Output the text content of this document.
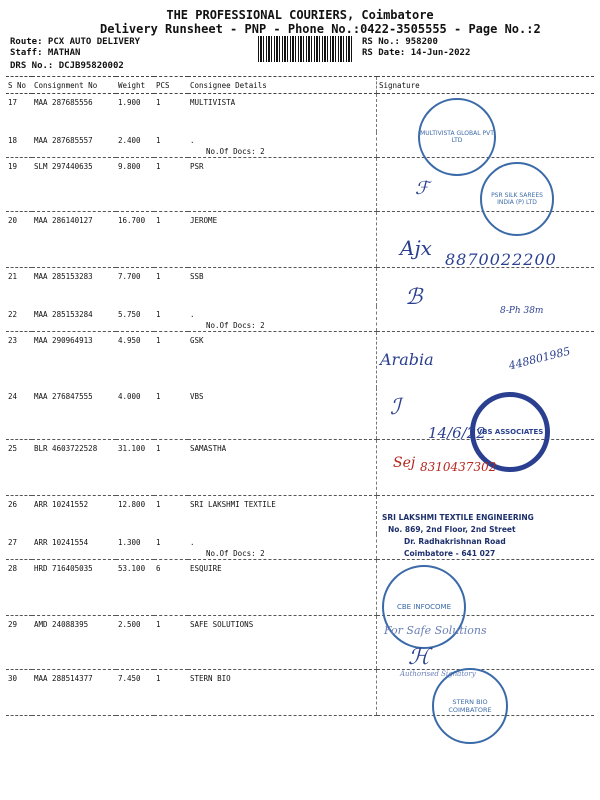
THE PROFESSIONAL COURIERS, Coimbatore
Delivery Runsheet - PNP - Phone No.:0422-3505555 - Page No.:2
Route: PCX AUTO DELIVERY
Staff: MATHAN
DRS No.: DCJB95820002
RS No.: 958200
RS Date: 14-Jun-2022
S No	Consignment No	Weight	PCS	Consignee Details	Signature
17	MAA 287685556	1.900	1	MULTIVISTA	
18	MAA 287685557	2.400	1	.
No.Of Docs: 2	

19	SLM 297440635	9.800	1	PSR	
20	MAA 286140127	16.700	1	JEROME	
21	MAA 285153283	7.700	1	SSB	
22	MAA 285153284	5.750	1	.
No.Of Docs: 2	

23	MAA 290964913	4.950	1	GSK	
24	MAA 276847555	4.000	1	VBS	
25	BLR 4603722528	31.100	1	SAMASTHA	
26	ARR 10241552	12.800	1	SRI LAKSHMI TEXTILE	
27	ARR 10241554	1.300	1	.
No.Of Docs: 2	

28	HRD 716405035	53.100	6	ESQUIRE	
29	AMD 24088395	2.500	1	SAFE SOLUTIONS	
30	MAA 288514377	7.450	1	STERN BIO	
MULTIVISTA GLOBAL PVT LTD
PSR SILK SAREES INDIA (P) LTD
ℱ
Ajx 8870022200
ℬ
8-Ph 38m
Arabia	448801985
VBS ASSOCIATES
ℐ
14/6/22
Sej 8310437302
SRI LAKSHMI TEXTILE ENGINEERING
No. 869, 2nd Floor, 2nd Street
Dr. Radhakrishnan Road
Coimbatore - 641 027
CBE INFOCOME
For Safe Solutions
ℋ
Authorised Signatory
STERN BIO COIMBATORE
